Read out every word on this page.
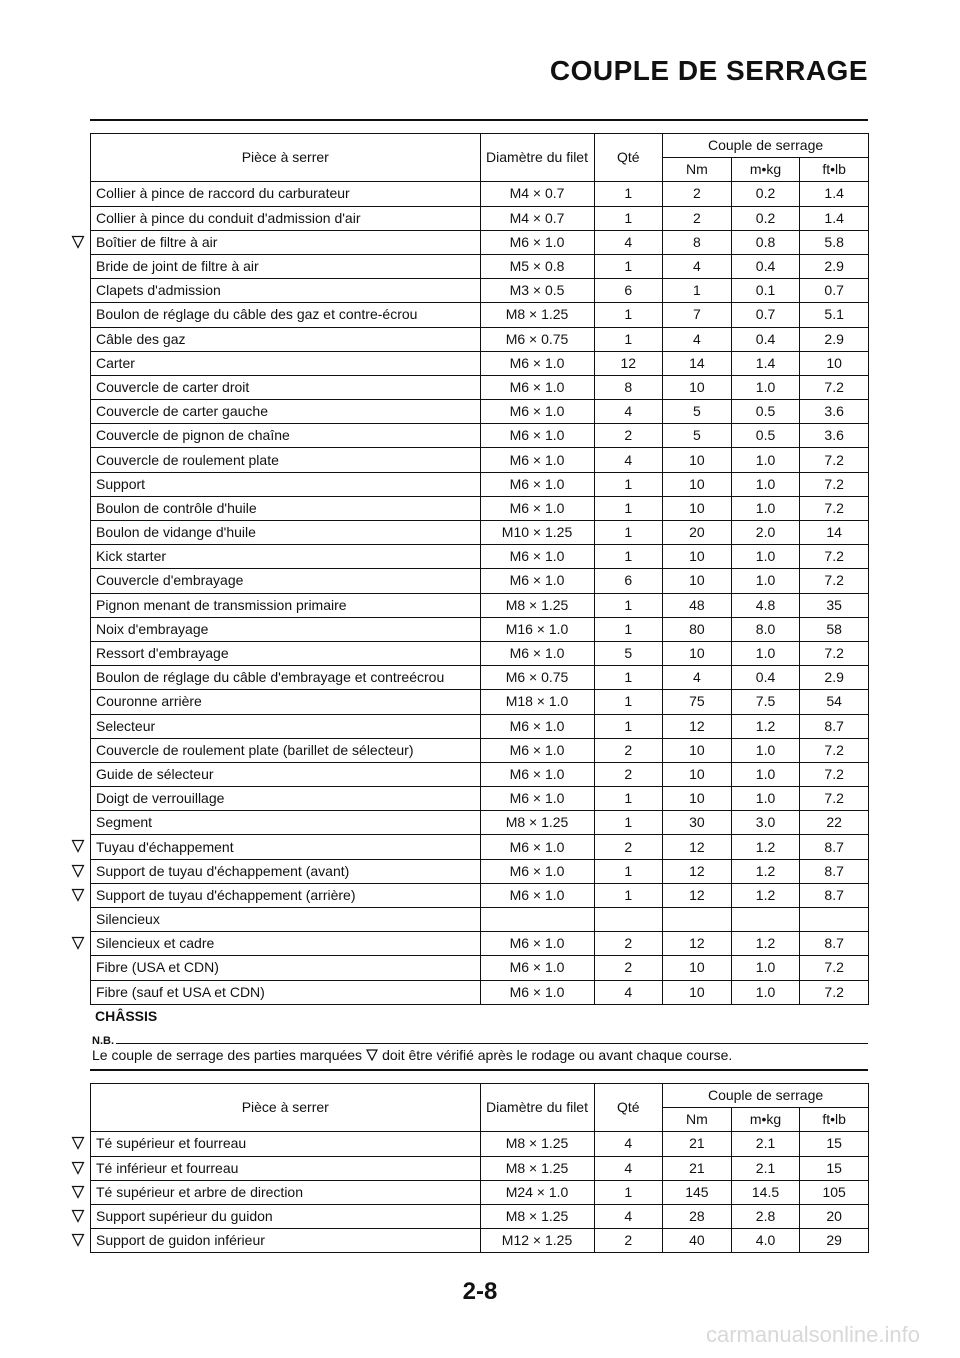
COUPLE DE SERRAGE
Pièce à serrer	Diamètre du filet	Qté	Couple de serrage		
			Nm	m•kg	ft•lb
Collier à pince de raccord du carburateur	M4 × 0.7	1	2	0.2	1.4
Collier à pince du conduit d'admission d'air	M4 × 0.7	1	2	0.2	1.4
Boîtier de filtre à air	M6 × 1.0	4	8	0.8	5.8
Bride de joint de filtre à air	M5 × 0.8	1	4	0.4	2.9
Clapets d'admission	M3 × 0.5	6	1	0.1	0.7
Boulon de réglage du câble des gaz et contre-écrou	M8 × 1.25	1	7	0.7	5.1
Câble des gaz	M6 × 0.75	1	4	0.4	2.9
Carter	M6 × 1.0	12	14	1.4	10
Couvercle de carter droit	M6 × 1.0	8	10	1.0	7.2
Couvercle de carter gauche	M6 × 1.0	4	5	0.5	3.6
Couvercle de pignon de chaîne	M6 × 1.0	2	5	0.5	3.6
Couvercle de roulement plate	M6 × 1.0	4	10	1.0	7.2
Support	M6 × 1.0	1	10	1.0	7.2
Boulon de contrôle d'huile	M6 × 1.0	1	10	1.0	7.2
Boulon de vidange d'huile	M10 × 1.25	1	20	2.0	14
Kick starter	M6 × 1.0	1	10	1.0	7.2
Couvercle d'embrayage	M6 × 1.0	6	10	1.0	7.2
Pignon menant de transmission primaire	M8 × 1.25	1	48	4.8	35
Noix d'embrayage	M16 × 1.0	1	80	8.0	58
Ressort d'embrayage	M6 × 1.0	5	10	1.0	7.2
Boulon de réglage du câble d'embrayage et contreécrou	M6 × 0.75	1	4	0.4	2.9
Couronne arrière	M18 × 1.0	1	75	7.5	54
Selecteur	M6 × 1.0	1	12	1.2	8.7
Couvercle de roulement plate (barillet de sélecteur)	M6 × 1.0	2	10	1.0	7.2
Guide de sélecteur	M6 × 1.0	2	10	1.0	7.2
Doigt de verrouillage	M6 × 1.0	1	10	1.0	7.2
Segment	M8 × 1.25	1	30	3.0	22
Tuyau d'échappement	M6 × 1.0	2	12	1.2	8.7
Support de tuyau d'échappement (avant)	M6 × 1.0	1	12	1.2	8.7
Support de tuyau d'échappement (arrière)	M6 × 1.0	1	12	1.2	8.7
Silencieux					
Silencieux et cadre	M6 × 1.0	2	12	1.2	8.7
Fibre (USA et CDN)	M6 × 1.0	2	10	1.0	7.2
Fibre (sauf et USA et CDN)	M6 × 1.0	4	10	1.0	7.2
CHÂSSIS
N.B.
Le couple de serrage des parties marquées doit être vérifié après le rodage ou avant chaque course.
Pièce à serrer	Diamètre du filet	Qté	Couple de serrage		
			Nm	m•kg	ft•lb
Té supérieur et fourreau	M8 × 1.25	4	21	2.1	15
Té inférieur et fourreau	M8 × 1.25	4	21	2.1	15
Té supérieur et arbre de direction	M24 × 1.0	1	145	14.5	105
Support supérieur du guidon	M8 × 1.25	4	28	2.8	20
Support de guidon inférieur	M12 × 1.25	2	40	4.0	29
2-8
carmanualsonline.info
